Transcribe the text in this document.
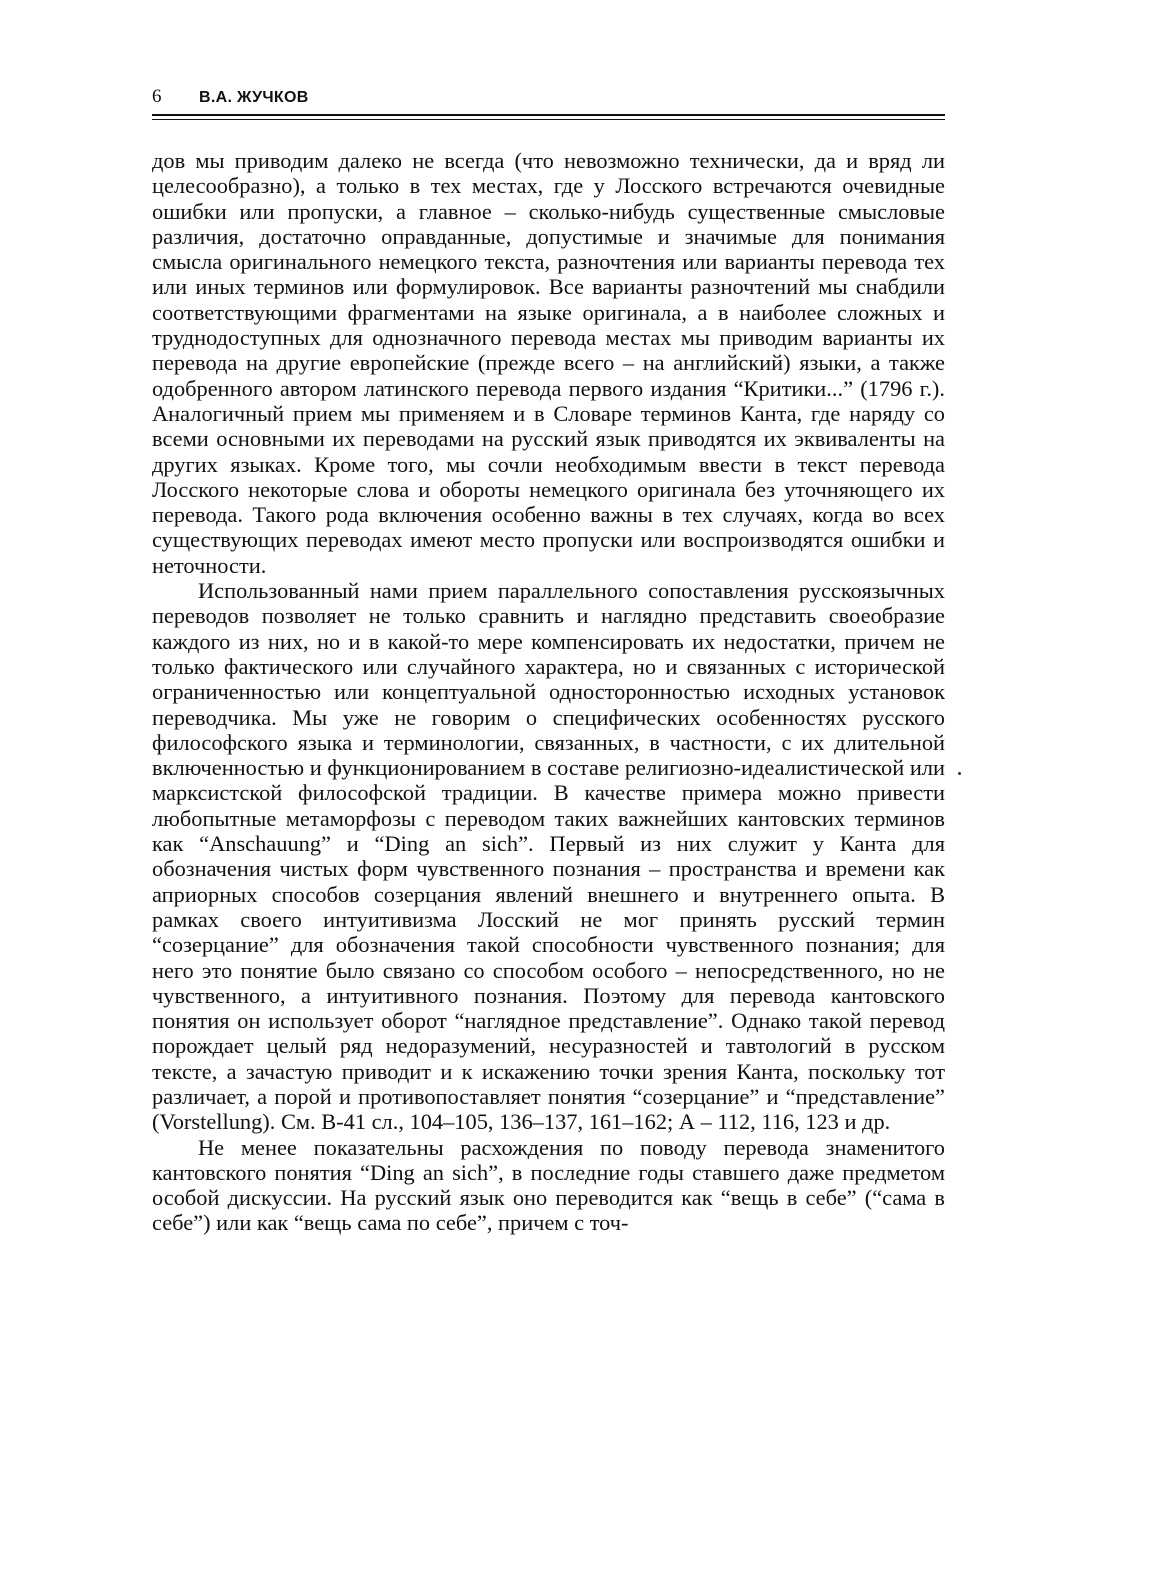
6	В.А. ЖУЧКОВ

дов мы приводим далеко не всегда (что невозможно технически, да и вряд ли целесообразно), а только в тех местах, где у Лосского встречаются очевидные ошибки или пропуски, а главное – сколько-нибудь существенные смысловые различия, достаточно оправданные, допустимые и значимые для понимания смысла оригинального немецкого текста, разночтения или варианты перевода тех или иных терминов или формулировок. Все варианты разночтений мы снабдили соответствующими фрагментами на языке оригинала, а в наиболее сложных и труднодоступных для однозначного перевода местах мы приводим варианты их перевода на другие европейские (прежде всего – на английский) языки, а также одобренного автором латинского перевода первого издания “Критики...” (1796 г.). Аналогичный прием мы применяем и в Словаре терминов Канта, где наряду со всеми основными их переводами на русский язык приводятся их эквиваленты на других языках. Кроме того, мы сочли необходимым ввести в текст перевода Лосского некоторые слова и обороты немецкого оригинала без уточняющего их перевода. Такого рода включения особенно важны в тех случаях, когда во всех существующих переводах имеют место пропуски или воспроизводятся ошибки и неточности.

Использованный нами прием параллельного сопоставления русскоязычных переводов позволяет не только сравнить и наглядно представить своеобразие каждого из них, но и в какой-то мере компенсировать их недостатки, причем не только фактического или случайного характера, но и связанных с исторической ограниченностью или концептуальной односторонностью исходных установок переводчика. Мы уже не говорим о специфических особенностях русского философского языка и терминологии, связанных, в частности, с их длительной включенностью и функционированием в составе религиозно-идеалистической или марксистской философской традиции. В качестве примера можно привести любопытные метаморфозы с переводом таких важнейших кантовских терминов как “Anschauung” и “Ding an sich”. Первый из них служит у Канта для обозначения чистых форм чувственного познания – пространства и времени как априорных способов созерцания явлений внешнего и внутреннего опыта. В рамках своего интуитивизма Лосский не мог принять русский термин “созерцание” для обозначения такой способности чувственного познания; для него это понятие было связано со способом особого – непосредственного, но не чувственного, а интуитивного познания. Поэтому для перевода кантовского понятия он использует оборот “наглядное представление”. Однако такой перевод порождает целый ряд недоразумений, несуразностей и тавтологий в русском тексте, а зачастую приводит и к искажению точки зрения Канта, поскольку тот различает, а порой и противопоставляет понятия “созерцание” и “представление” (Vorstellung). См. В-41 сл., 104–105, 136–137, 161–162; А – 112, 116, 123 и др.

Не менее показательны расхождения по поводу перевода знаменитого кантовского понятия “Ding an sich”, в последние годы ставшего даже предметом особой дискуссии. На русский язык оно переводится как “вещь в себе” (“сама в себе”) или как “вещь сама по себе”, причем с точ-
